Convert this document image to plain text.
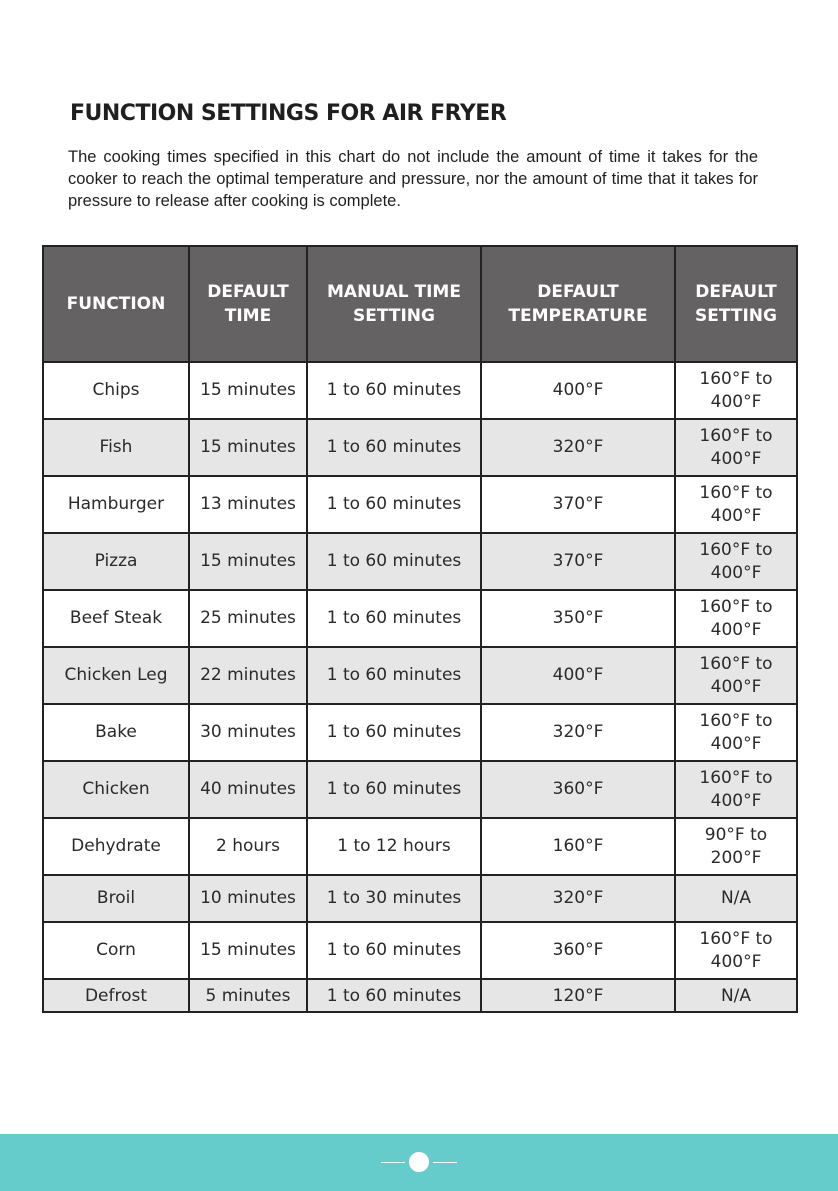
FUNCTION SETTINGS FOR AIR FRYER
The cooking times specified in this chart do not include the amount of time it takes for the cooker to reach the optimal temperature and pressure, nor the amount of time that it takes for pressure to release after cooking is complete.
FUNCTION	DEFAULT TIME	MANUAL TIME SETTING	DEFAULT TEMPERATURE	DEFAULT SETTING
Chips	15 minutes	1 to 60 minutes	400°F	160°F to 400°F
Fish	15 minutes	1 to 60 minutes	320°F	160°F to 400°F
Hamburger	13 minutes	1 to 60 minutes	370°F	160°F to 400°F
Pizza	15 minutes	1 to 60 minutes	370°F	160°F to 400°F
Beef Steak	25 minutes	1 to 60 minutes	350°F	160°F to 400°F
Chicken Leg	22 minutes	1 to 60 minutes	400°F	160°F to 400°F
Bake	30 minutes	1 to 60 minutes	320°F	160°F to 400°F
Chicken	40 minutes	1 to 60 minutes	360°F	160°F to 400°F
Dehydrate	2 hours	1 to 12 hours	160°F	90°F to 200°F
Broil	10 minutes	1 to 30 minutes	320°F	N/A
Corn	15 minutes	1 to 60 minutes	360°F	160°F to 400°F
Defrost	5 minutes	1 to 60 minutes	120°F	N/A
